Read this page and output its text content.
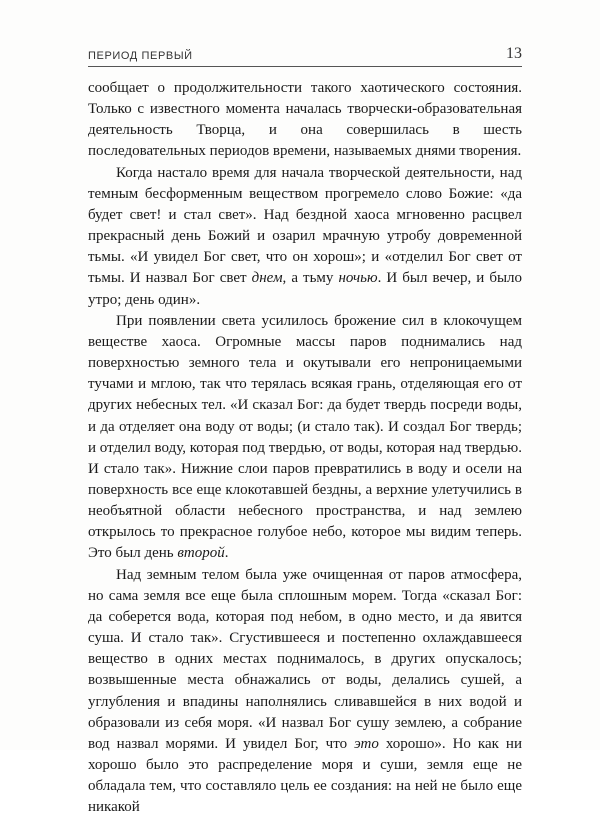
ПЕРИОД ПЕРВЫЙ	13

сообщает о продолжительности такого хаотического состояния. Только с известного момента началась творчески-образовательная деятельность Творца, и она совершилась в шесть последовательных периодов времени, называемых днями творения.

Когда настало время для начала творческой деятельности, над темным бесформенным веществом прогремело слово Божие: «да будет свет! и стал свет». Над бездной хаоса мгновенно расцвел прекрасный день Божий и озарил мрачную утробу довременной тьмы. «И увидел Бог свет, что он хорош»; и «отделил Бог свет от тьмы. И назвал Бог свет днем, а тьму ночью. И был вечер, и было утро; день один».

При появлении света усилилось брожение сил в клокочущем веществе хаоса. Огромные массы паров поднимались над поверхностью земного тела и окутывали его непроницаемыми тучами и мглою, так что терялась всякая грань, отделяющая его от других небесных тел. «И сказал Бог: да будет твердь посреди воды, и да отделяет она воду от воды; (и стало так). И создал Бог твердь; и отделил воду, которая под твердью, от воды, которая над твердью. И стало так». Нижние слои паров превратились в воду и осели на поверхность все еще клокотавшей бездны, а верхние улетучились в необъятной области небесного пространства, и над землею открылось то прекрасное голубое небо, которое мы видим теперь. Это был день второй.

Над земным телом была уже очищенная от паров атмосфера, но сама земля все еще была сплошным морем. Тогда «сказал Бог: да соберется вода, которая под небом, в одно место, и да явится суша. И стало так». Сгустившееся и постепенно охлаждавшееся вещество в одних местах поднималось, в других опускалось; возвышенные места обнажались от воды, делались сушей, а углубления и впадины наполнялись сливавшейся в них водой и образовали из себя моря. «И назвал Бог сушу землею, а собрание вод назвал морями. И увидел Бог, что это хорошо». Но как ни хорошо было это распределение моря и суши, земля еще не обладала тем, что составляло цель ее создания: на ней не было еще никакой
